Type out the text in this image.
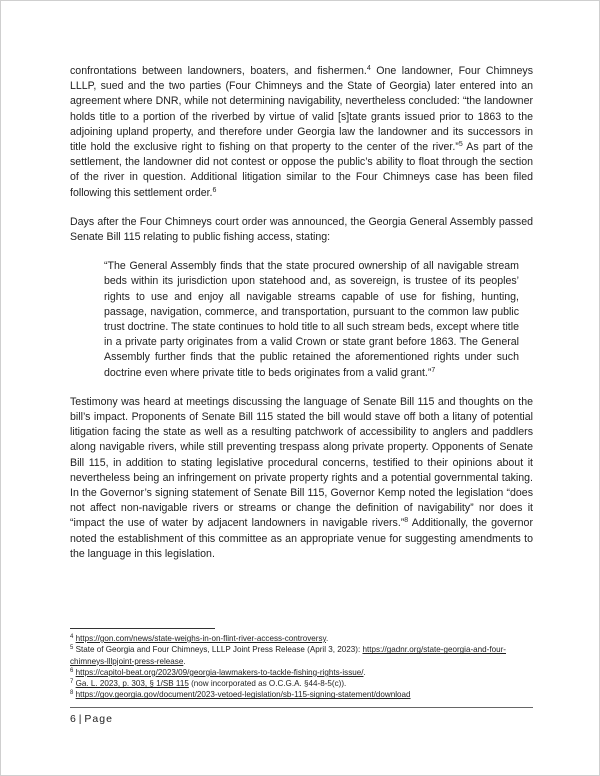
confrontations between landowners, boaters, and fishermen.$^4$ One landowner, Four Chimneys LLLP, sued and the two parties (Four Chimneys and the State of Georgia) later entered into an agreement where DNR, while not determining navigability, nevertheless concluded: “the landowner holds title to a portion of the riverbed by virtue of valid [s]tate grants issued prior to 1863 to the adjoining upland property, and therefore under Georgia law the landowner and its successors in title hold the exclusive right to fishing on that property to the center of the river.”$^5$ As part of the settlement, the landowner did not contest or oppose the public’s ability to float through the section of the river in question. Additional litigation similar to the Four Chimneys case has been filed following this settlement order.$^6$

Days after the Four Chimneys court order was announced, the Georgia General Assembly passed Senate Bill 115 relating to public fishing access, stating:

“The General Assembly finds that the state procured ownership of all navigable stream beds within its jurisdiction upon statehood and, as sovereign, is trustee of its peoples’ rights to use and enjoy all navigable streams capable of use for fishing, hunting, passage, navigation, commerce, and transportation, pursuant to the common law public trust doctrine. The state continues to hold title to all such stream beds, except where title in a private party originates from a valid Crown or state grant before 1863. The General Assembly further finds that the public retained the aforementioned rights under such doctrine even where private title to beds originates from a valid grant.”$^7$

Testimony was heard at meetings discussing the language of Senate Bill 115 and thoughts on the bill’s impact. Proponents of Senate Bill 115 stated the bill would stave off both a litany of potential litigation facing the state as well as a resulting patchwork of accessibility to anglers and paddlers along navigable rivers, while still preventing trespass along private property. Opponents of Senate Bill 115, in addition to stating legislative procedural concerns, testified to their opinions about it nevertheless being an infringement on private property rights and a potential governmental taking. In the Governor’s signing statement of Senate Bill 115, Governor Kemp noted the legislation “does not affect non-navigable rivers or streams or change the definition of navigability” nor does it “impact the use of water by adjacent landowners in navigable rivers.”$^8$ Additionally, the governor noted the establishment of this committee as an appropriate venue for suggesting amendments to the language in this legislation.

$^4$ https://gon.com/news/state-weighs-in-on-flint-river-access-controversy.
$^5$ State of Georgia and Four Chimneys, LLLP Joint Press Release (April 3, 2023): https://gadnr.org/state-georgia-and-four-chimneys-lllpjoint-press-release.
$^6$ https://capitol-beat.org/2023/09/georgia-lawmakers-to-tackle-fishing-rights-issue/.
$^7$ Ga. L. 2023, p. 303, § 1/SB 115 (now incorporated as O.C.G.A. §44-8-5(c)).
$^8$ https://gov.georgia.gov/document/2023-vetoed-legislation/sb-115-signing-statement/download
6 | Page
